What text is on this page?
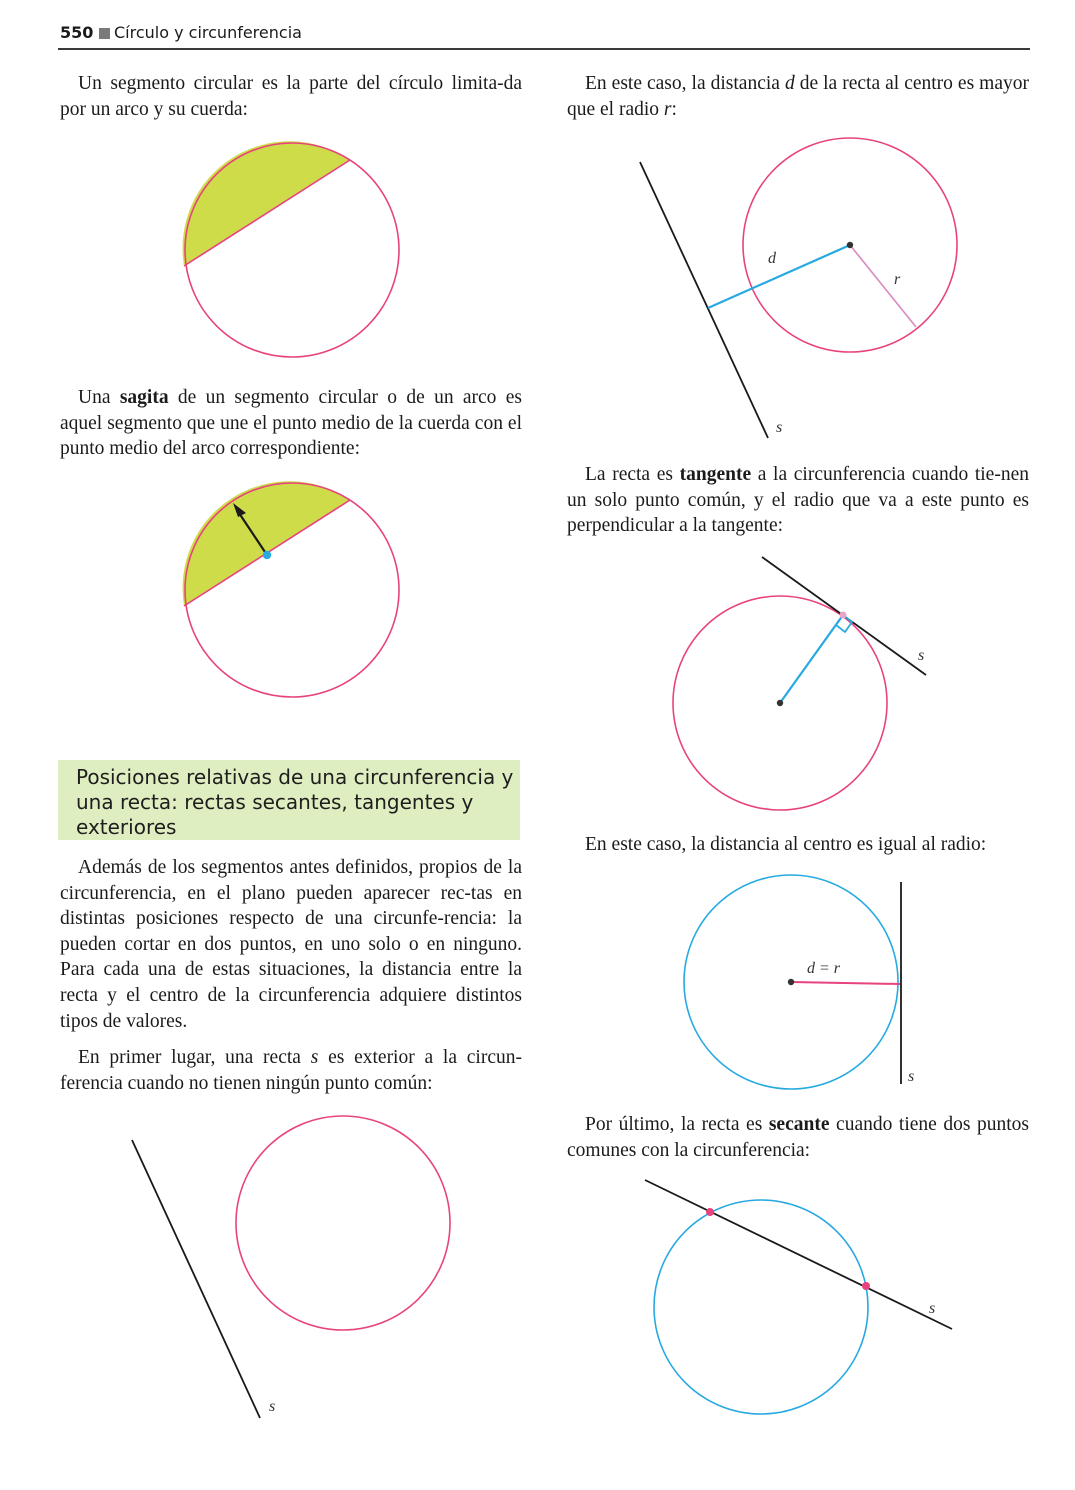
550 Círculo y circunferencia

Un segmento circular es la parte del círculo limita-da por un arco y su cuerda:

Una sagita de un segmento circular o de un arco es aquel segmento que une el punto medio de la cuerda con el punto medio del arco correspondiente:

Posiciones relativas de una circunferencia y una recta: rectas secantes, tangentes y exteriores

Además de los segmentos antes definidos, propios de la circunferencia, en el plano pueden aparecer rec-tas en distintas posiciones respecto de una circunfe-rencia: la pueden cortar en dos puntos, en uno solo o en ninguno. Para cada una de estas situaciones, la distancia entre la recta y el centro de la circunferencia adquiere distintos tipos de valores.

En primer lugar, una recta s es exterior a la circun-ferencia cuando no tienen ningún punto común:

s

En este caso, la distancia d de la recta al centro es mayor que el radio r:

d
r
s

La recta es tangente a la circunferencia cuando tie-nen un solo punto común, y el radio que va a este punto es perpendicular a la tangente:

s

En este caso, la distancia al centro es igual al radio:

d = r
s

Por último, la recta es secante cuando tiene dos puntos comunes con la circunferencia:

s
